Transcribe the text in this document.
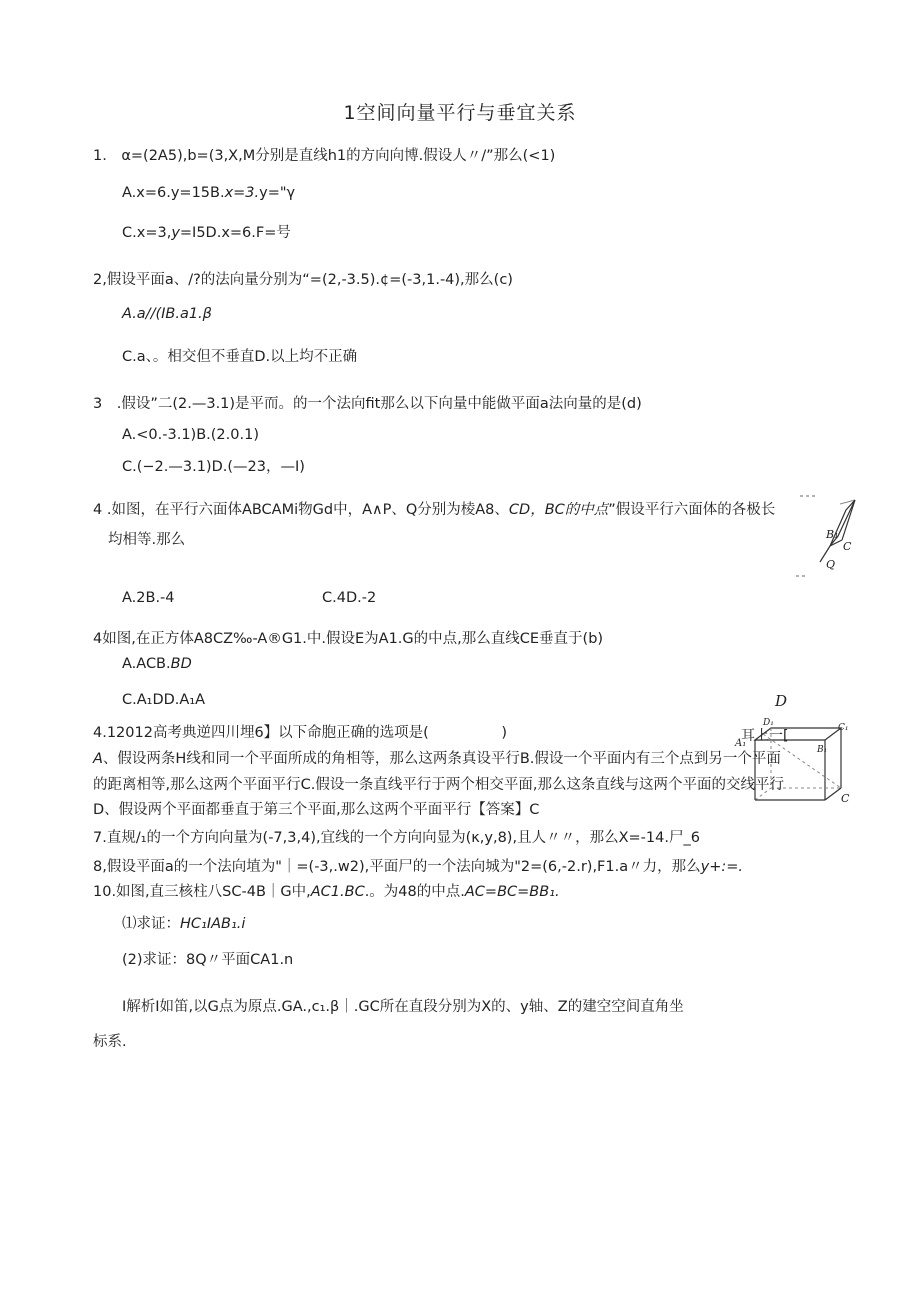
1空间向量平行与垂宜关系
1.　α=(2A5),b=(3,X,M分别是直线h1的方向向博.假设人〃/”那么(<1)
A.x=6.y=15B.x=3.y="γ
C.x=3,y=I5D.x=6.F=号
2,假设平面a、/?的法向量分别为“=(2,-3.5).¢=(-3,1.-4),那么(c)
A.a//(IB.a1.β
C.a、。相交但不垂直D.以上均不正确
3　.假设”二(2.—3.1)是平而。的一个法向fit那么以下向量中能做平面a法向量的是(d)
A.<0.-3.1)B.(2.0.1)
C.(−2.—3.1)D.(—23，—I)
4 .如图，在平行六面体ABCAMi物Gd中，A∧P、Q分别为棱A8、CD，BC的中点”假设平行六面体的各极长
均相等.那么
A.2B.-4	C.4D.-2
B₁
C
Q
4如图,在正方体A8CZ‰-A®G1.中.假设E为A1.G的中点,那么直线CE垂直于(b)
A.ACB.BD
C.A₁DD.A₁A	D
D₁	C₁
A₁
B₁
C
4.12012高考典逆四川埋6】以下命胞正确的选项是(　　　　　)	耳上一[
A、假设两条H线和同一个平面所成的角相等，那么这两条真设平行B.假设一个平面内有三个点到另一个平面
的距离相等,那么这两个平面平行C.假设一条直线平行于两个相交平面,那么这条直线与这两个平面的交线平行
D、假设两个平面都垂直于第三个平面,那么这两个平面平行【答案】C
7.直规/₁的一个方向向量为(-7,3,4),宜线的一个方向向显为(κ,y,8),且人〃〃，那么X=-14.尸_6
8,假设平面a的一个法向埴为"｜=(-3,.w2),平面尸的一个法向城为"2=(6,-2.r),F1.a〃力，那么y+:=.
10.如图,直三核柱八SC-4B｜G中,AC1.BC.。为48的中点.AC=BC=BB₁.
⑴求证：HC₁IAB₁.ⅰ
(2)求证：8Q〃平面CA1.n
I解析I如笛,以G点为原点.GA.,c₁.β｜.GC所在直段分别为X的、y轴、Z的建空空间直角坐
标系.
